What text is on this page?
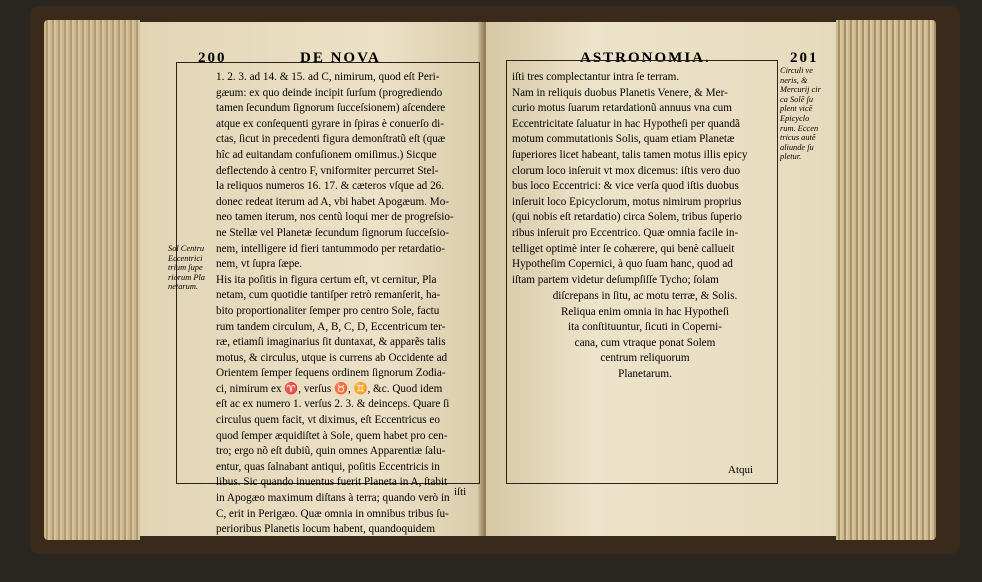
200	DE NOVA
1. 2. 3. ad 14. & 15. ad C, nimirum, quod eſt Peri-
gæum: ex quo deinde incipit ſurſum (progrediendo
tamen ſecundum ſignorum ſucceſsionem) aſcendere
atque ex conſequenti gyrare in ſpiras è conuerſo di-
ctas, ſicut in precedenti figura demonſtratũ eſt (quæ
hîc ad euitandam confuſionem omiſimus.) Sicque
deflectendo à centro F, vniformiter percurret Stel-
la reliquos numeros 16. 17. & cæteros vſque ad 26.
donec redeat iterum ad A, vbi habet Apogæum. Mo-
neo tamen iterum, nos centũ loqui mer de progreſsio-
ne Stellæ vel Planetæ ſecundum ſignorum ſucceſsio-
nem, intelligere id fieri tantummodo per retardatio-
nem, vt ſupra ſæpe.
His ita poſitis in figura certum eſt, vt cernitur, Pla
netam, cum quotidie tantiſper retrò remanſerit, ha-
bito proportionaliter ſemper pro centro Sole, factu
rum tandem circulum, A, B, C, D, Eccentricum ter-
ræ, etiamſi imaginarius ſit duntaxat, & apparẽs talis
motus, & circulus, utque is currens ab Occidente ad
Orientem ſemper ſequens ordinem ſignorum Zodia-
ci, nimirum ex ♈, verſus ♉, ♊, &c. Quod idem
eſt ac ex numero 1. verſus 2. 3. & deinceps. Quare ſi
circulus quem facit, vt diximus, eſt Eccentricus eo
quod ſemper æquidiſtet à Sole, quem habet pro cen-
tro; ergo nõ eſt dubiũ, quin omnes Apparentiæ ſalu-
entur, quas ſalnabant antiqui, poſitis Eccentricis in
libus. Sic quando inuentus fuerit Planeta in A, ſtabit
in Apogæo maximum diſtans à terra; quando verò in
C, erit in Perigæo. Quæ omnia in omnibus tribus ſu-
perioribus Planetis locum habent, quandoquidem
Sol Centru
Eccentrici
trium ſupe
riorum Pla
netarum.
iſti
ASTRONOMIA.	201
iſti tres complectantur intra ſe terram.
Nam in reliquis duobus Planetis Venere, & Mer-
curio motus ſuarum retardationũ annuus vna cum
Eccentricitate ſaluatur in hac Hypotheſi per quandã
motum commutationis Solis, quam etiam Planetæ
ſuperiores licet habeant, talis tamen motus illis epicy
clorum loco inſeruit vt mox dicemus: iſtis vero duo
bus loco Eccentrici: & vice verſa quod iſtis duobus
inſeruit loco Epicyclorum, motus nimirum proprius
(qui nobis eſt retardatio) circa Solem, tribus ſuperio
ribus inſeruit pro Eccentrico. Quæ omnia facile in-
telliget optimè inter ſe cohærere, qui benè callueit
Hypotheſim Copernici, à quo ſuam hanc, quod ad
iſtam partem videtur deſumpſiſſe Tycho; ſolam
diſcrepans in ſitu, ac motu terræ, & Solis.
Reliqua enim omnia in hac Hypotheſi
ita conſtituuntur, ſicuti in Coperni-
cana, cum vtraque ponat Solem
centrum reliquorum
Planetarum.
Circuli ve
neris, &
Mercurij cir
ca Solẽ ſu
plent vicẽ
Epicyclo
rum. Eccen
tricus autẽ
aliunde ſu
pletur.
Atqui
